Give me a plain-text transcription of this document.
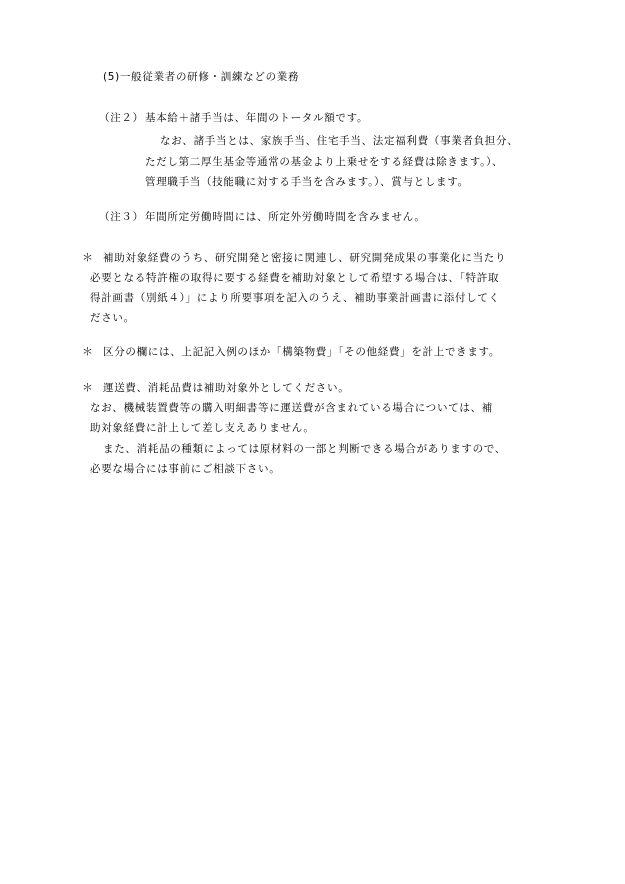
(5)一般従業者の研修・訓練などの業務
（注２） 基本給＋諸手当は、年間のトータル額です。
なお、諸手当とは、家族手当、住宅手当、法定福利費（事業者負担分、
ただし第二厚生基金等通常の基金より上乗せをする経費は除きます。）、
管理職手当（技能職に対する手当を含みます。）、賞与とします。
（注３） 年間所定労働時間には、所定外労働時間を含みません。
＊ 補助対象経費のうち、研究開発と密接に関連し、研究開発成果の事業化に当たり
必要となる特許権の取得に要する経費を補助対象として希望する場合は、「特許取
得計画書（別紙４）」により所要事項を記入のうえ、補助事業計画書に添付してく
ださい。
＊ 区分の欄には、上記記入例のほか「構築物費」「その他経費」を計上できます。
＊ 運送費、消耗品費は補助対象外としてください。
なお、機械装置費等の購入明細書等に運送費が含まれている場合については、補
助対象経費に計上して差し支えありません。
また、消耗品の種類によっては原材料の一部と判断できる場合がありますので、
必要な場合には事前にご相談下さい。
